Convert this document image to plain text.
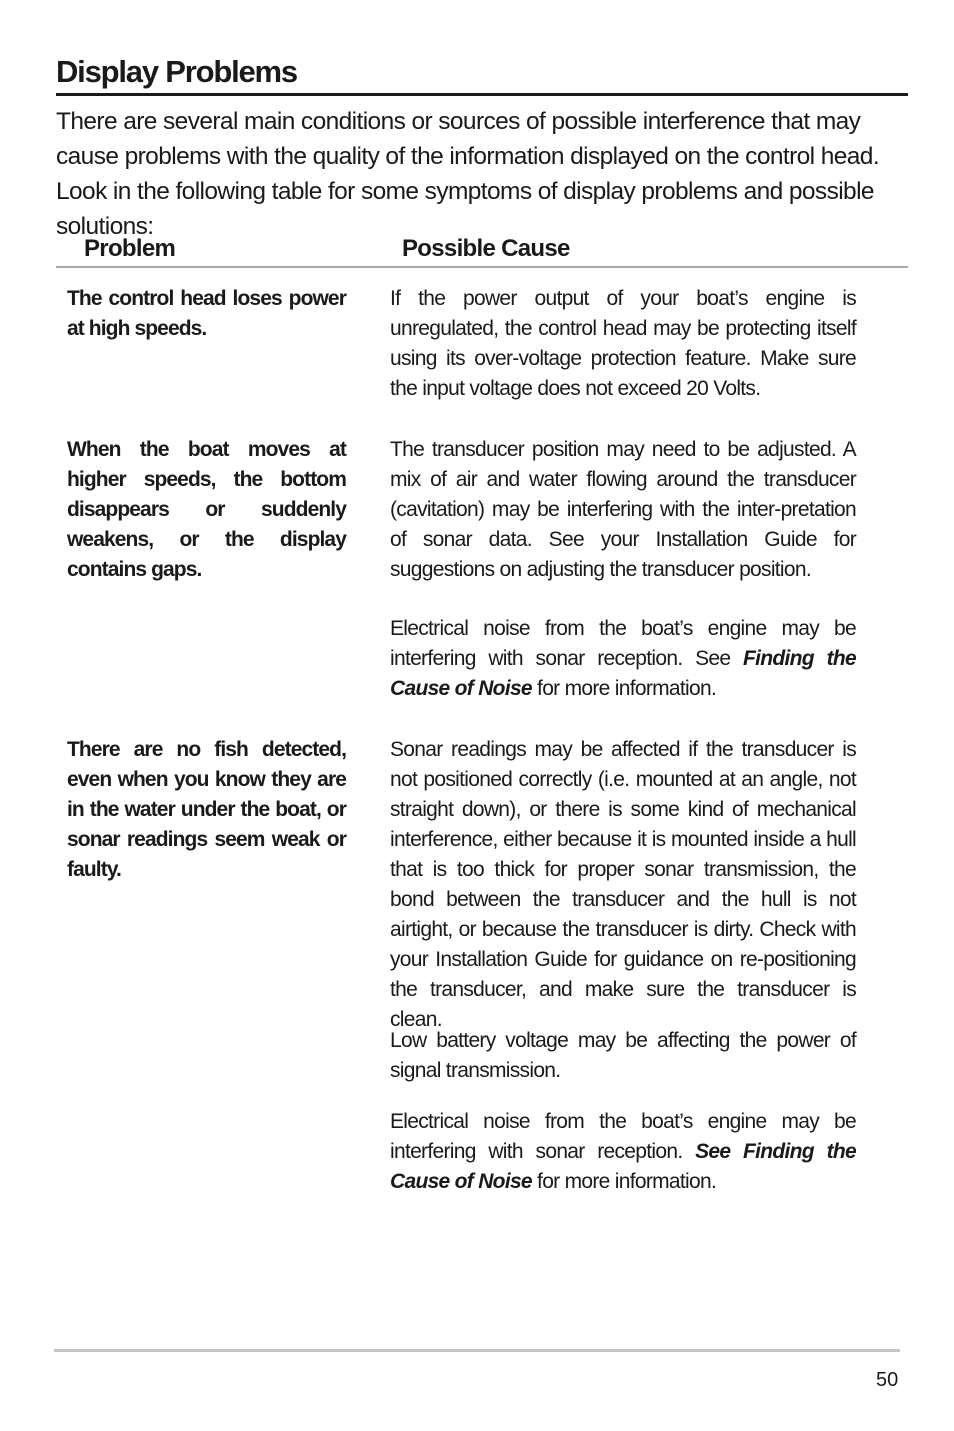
Display Problems

There are several main conditions or sources of possible interference that may cause problems with the quality of the information displayed on the control head. Look in the following table for some symptoms of display problems and possible solutions:

Problem	Possible Cause

The control head loses power at high speeds.

If the power output of your boat’s engine is unregulated, the control head may be protecting itself using its over-voltage protection feature. Make sure the input voltage does not exceed 20 Volts.

When the boat moves at higher speeds, the bottom disappears or suddenly weakens, or the display contains gaps.

The transducer position may need to be adjusted. A mix of air and water flowing around the transducer (cavitation) may be interfering with the inter-pretation of sonar data. See your Installation Guide for suggestions on adjusting the transducer position.

Electrical noise from the boat’s engine may be interfering with sonar reception. See Finding the Cause of Noise for more information.

There are no fish detected, even when you know they are in the water under the boat, or sonar readings seem weak or faulty.

Sonar readings may be affected if the transducer is not positioned correctly (i.e. mounted at an angle, not straight down), or there is some kind of mechanical interference, either because it is mounted inside a hull that is too thick for proper sonar transmission, the bond between the transducer and the hull is not airtight, or because the transducer is dirty. Check with your Installation Guide for guidance on re-positioning the transducer, and make sure the transducer is clean.

Low battery voltage may be affecting the power of signal transmission.

Electrical noise from the boat’s engine may be interfering with sonar reception. See Finding the Cause of Noise for more information.

50
